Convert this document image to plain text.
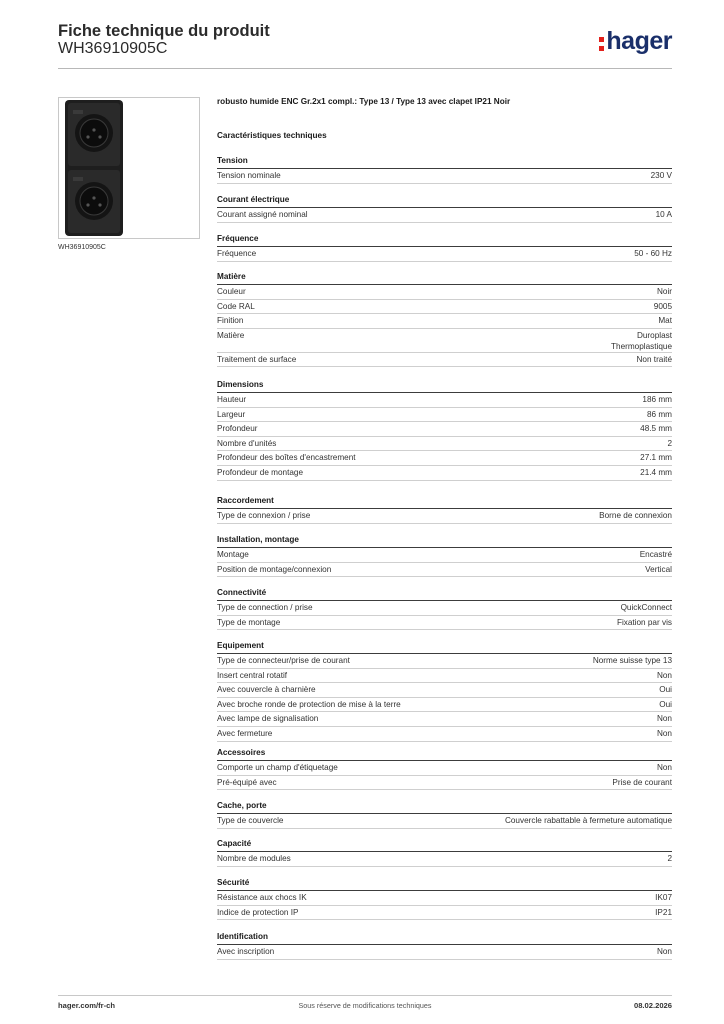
Fiche technique du produit
WH36910905C	hager
WH36910905C
robusto humide ENC Gr.2x1 compl.: Type 13 / Type 13 avec clapet IP21 Noir
Caractéristiques techniques
Tension
Tension nominale	230 V
Courant électrique
Courant assigné nominal	10 A
Fréquence
Fréquence	50 - 60 Hz
Matière
Couleur	Noir
Code RAL	9005
Finition	Mat
Matière	Duroplast
Thermoplastique
Traitement de surface	Non traité
Dimensions
Hauteur	186 mm
Largeur	86 mm
Profondeur	48.5 mm
Nombre d'unités	2
Profondeur des boîtes d'encastrement	27.1 mm
Profondeur de montage	21.4 mm
Raccordement
Type de connexion / prise	Borne de connexion
Installation, montage
Montage	Encastré
Position de montage/connexion	Vertical
Connectivité
Type de connection / prise	QuickConnect
Type de montage	Fixation par vis
Equipement
Type de connecteur/prise de courant	Norme suisse type 13
Insert central rotatif	Non
Avec couvercle à charnière	Oui
Avec broche ronde de protection de mise à la terre	Oui
Avec lampe de signalisation	Non
Avec fermeture	Non
Accessoires
Comporte un champ d'étiquetage	Non
Pré-équipé avec	Prise de courant
Cache, porte
Type de couvercle	Couvercle rabattable à fermeture automatique
Capacité
Nombre de modules	2
Sécurité
Résistance aux chocs IK	IK07
Indice de protection IP	IP21
Identification
Avec inscription	Non
hager.com/fr-ch	Sous réserve de modifications techniques	08.02.2026
